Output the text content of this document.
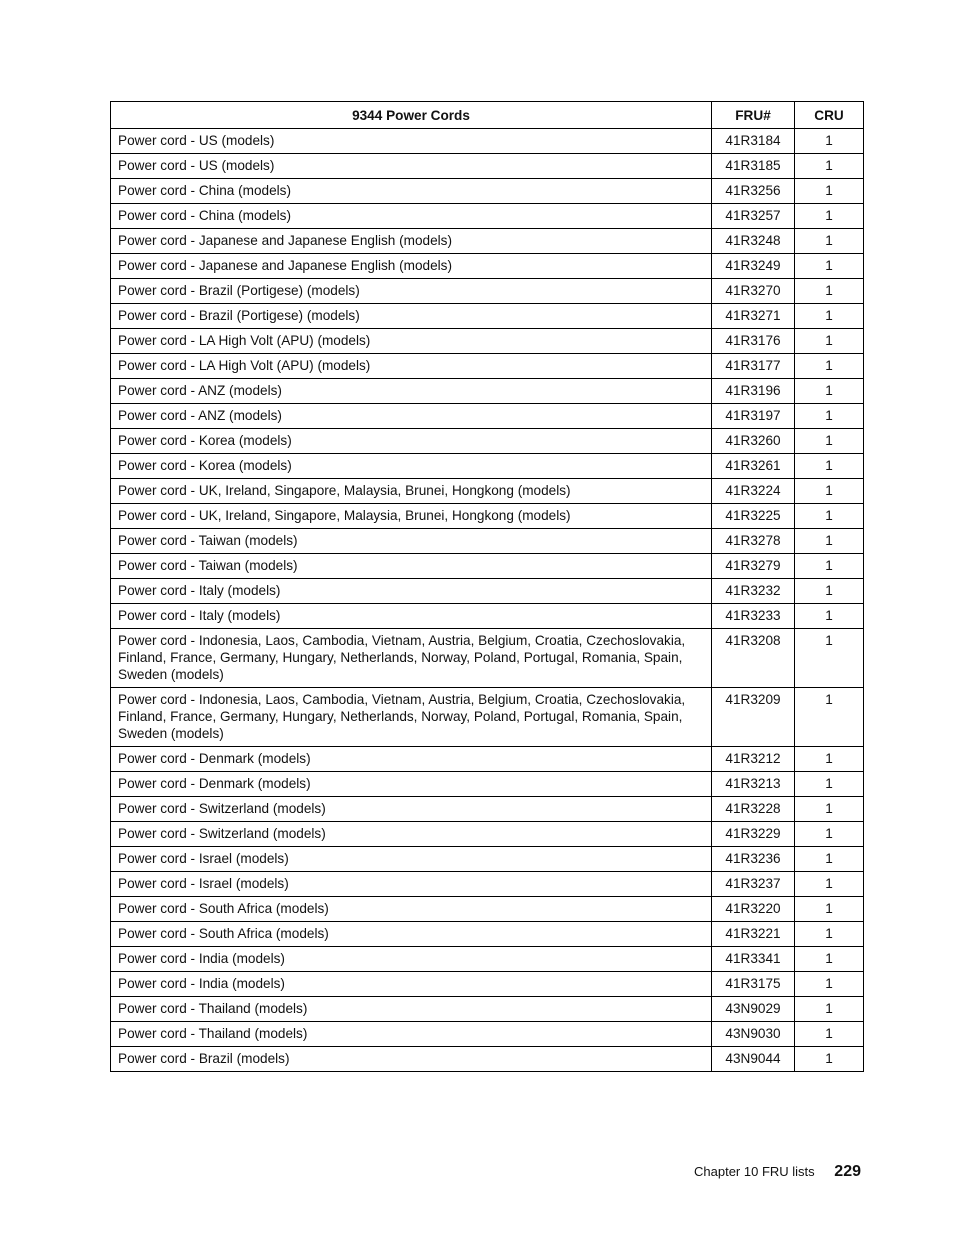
9344 Power Cords	FRU#	CRU
Power cord - US (models)	41R3184	1
Power cord - US (models)	41R3185	1
Power cord - China (models)	41R3256	1
Power cord - China (models)	41R3257	1
Power cord - Japanese and Japanese English (models)	41R3248	1
Power cord - Japanese and Japanese English (models)	41R3249	1
Power cord - Brazil (Portigese) (models)	41R3270	1
Power cord - Brazil (Portigese) (models)	41R3271	1
Power cord - LA High Volt (APU) (models)	41R3176	1
Power cord - LA High Volt (APU) (models)	41R3177	1
Power cord - ANZ (models)	41R3196	1
Power cord - ANZ (models)	41R3197	1
Power cord - Korea (models)	41R3260	1
Power cord - Korea (models)	41R3261	1
Power cord - UK, Ireland, Singapore, Malaysia, Brunei, Hongkong (models)	41R3224	1
Power cord - UK, Ireland, Singapore, Malaysia, Brunei, Hongkong (models)	41R3225	1
Power cord - Taiwan (models)	41R3278	1
Power cord - Taiwan (models)	41R3279	1
Power cord - Italy (models)	41R3232	1
Power cord - Italy (models)	41R3233	1
Power cord - Indonesia, Laos, Cambodia, Vietnam, Austria, Belgium, Croatia, Czechoslovakia, Finland, France, Germany, Hungary, Netherlands, Norway, Poland, Portugal, Romania, Spain, Sweden (models)	41R3208	1
Power cord - Indonesia, Laos, Cambodia, Vietnam, Austria, Belgium, Croatia, Czechoslovakia, Finland, France, Germany, Hungary, Netherlands, Norway, Poland, Portugal, Romania, Spain, Sweden (models)	41R3209	1
Power cord - Denmark (models)	41R3212	1
Power cord - Denmark (models)	41R3213	1
Power cord - Switzerland (models)	41R3228	1
Power cord - Switzerland (models)	41R3229	1
Power cord - Israel (models)	41R3236	1
Power cord - Israel (models)	41R3237	1
Power cord - South Africa (models)	41R3220	1
Power cord - South Africa (models)	41R3221	1
Power cord - India (models)	41R3341	1
Power cord - India (models)	41R3175	1
Power cord - Thailand (models)	43N9029	1
Power cord - Thailand (models)	43N9030	1
Power cord - Brazil (models)	43N9044	1
Chapter 10 FRU lists 229
